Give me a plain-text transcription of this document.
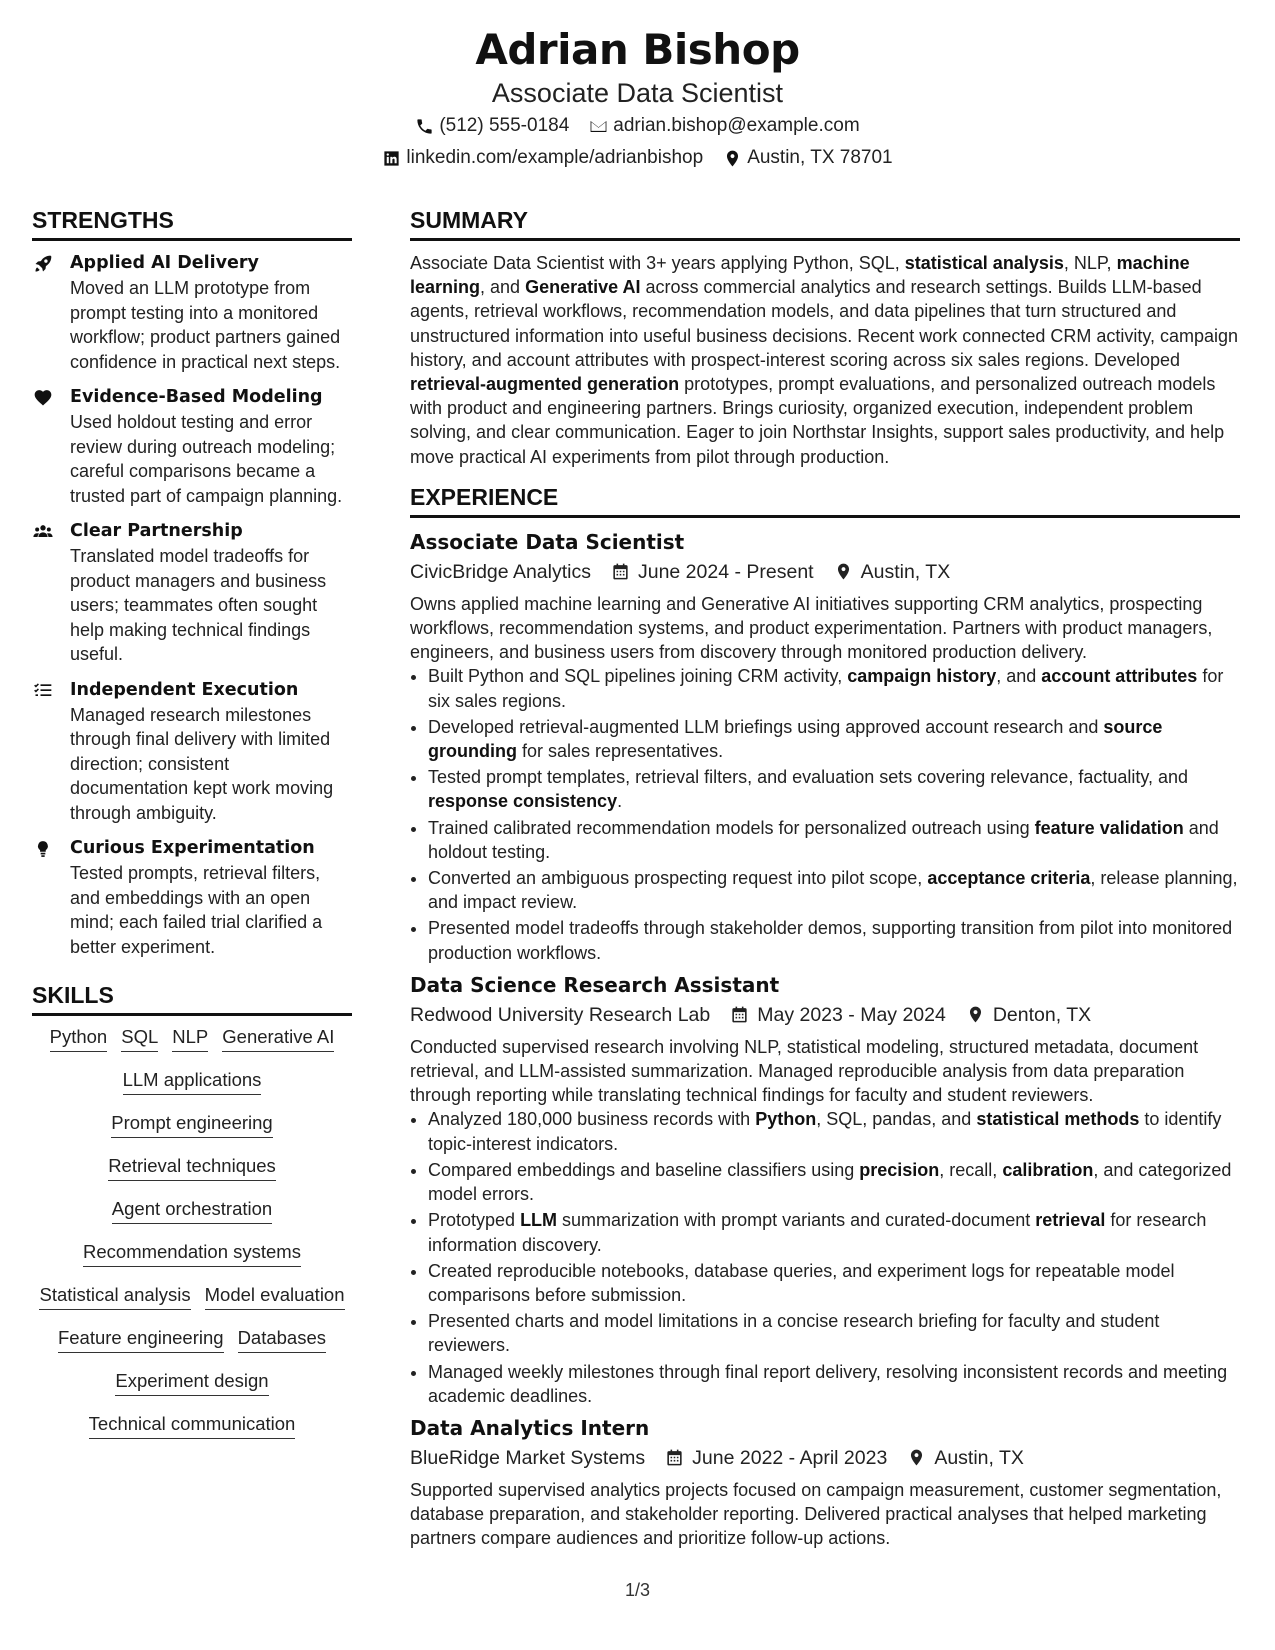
Adrian Bishop
Associate Data Scientist
(512) 555-0184 adrian.bishop@example.com
linkedin.com/example/adrianbishop Austin, TX 78701
STRENGTHS
Applied AI Delivery
Moved an LLM prototype from prompt testing into a monitored workflow; product partners gained confidence in practical next steps.
Evidence-Based Modeling
Used holdout testing and error review during outreach modeling; careful comparisons became a trusted part of campaign planning.
Clear Partnership
Translated model tradeoffs for product managers and business users; teammates often sought help making technical findings useful.
Independent Execution
Managed research milestones through final delivery with limited direction; consistent documentation kept work moving through ambiguity.
Curious Experimentation
Tested prompts, retrieval filters, and embeddings with an open mind; each failed trial clarified a better experiment.
SKILLS
Python SQL NLP Generative AILLM applicationsPrompt engineeringRetrieval techniquesAgent orchestrationRecommendation systemsStatistical analysis Model evaluationFeature engineering DatabasesExperiment designTechnical communication
SUMMARY
Associate Data Scientist with 3+ years applying Python, SQL, statistical analysis, NLP, machine learning, and Generative AI across commercial analytics and research settings. Builds LLM-based agents, retrieval workflows, recommendation models, and data pipelines that turn structured and unstructured information into useful business decisions. Recent work connected CRM activity, campaign history, and account attributes with prospect-interest scoring across six sales regions. Developed retrieval-augmented generation prototypes, prompt evaluations, and personalized outreach models with product and engineering partners. Brings curiosity, organized execution, independent problem solving, and clear communication. Eager to join Northstar Insights, support sales productivity, and help move practical AI experiments from pilot through production.
EXPERIENCE
Associate Data Scientist
CivicBridge Analytics June 2024 - Present Austin, TX
Owns applied machine learning and Generative AI initiatives supporting CRM analytics, prospecting workflows, recommendation systems, and product experimentation. Partners with product managers, engineers, and business users from discovery through monitored production delivery.
• Built Python and SQL pipelines joining CRM activity, campaign history, and account attributes for six sales regions.
• Developed retrieval-augmented LLM briefings using approved account research and source grounding for sales representatives.
• Tested prompt templates, retrieval filters, and evaluation sets covering relevance, factuality, and response consistency.
• Trained calibrated recommendation models for personalized outreach using feature validation and holdout testing.
• Converted an ambiguous prospecting request into pilot scope, acceptance criteria, release planning, and impact review.
• Presented model tradeoffs through stakeholder demos, supporting transition from pilot into monitored production workflows.
Data Science Research Assistant
Redwood University Research Lab May 2023 - May 2024 Denton, TX
Conducted supervised research involving NLP, statistical modeling, structured metadata, document retrieval, and LLM-assisted summarization. Managed reproducible analysis from data preparation through reporting while translating technical findings for faculty and student reviewers.
• Analyzed 180,000 business records with Python, SQL, pandas, and statistical methods to identify topic-interest indicators.
• Compared embeddings and baseline classifiers using precision, recall, calibration, and categorized model errors.
• Prototyped LLM summarization with prompt variants and curated-document retrieval for research information discovery.
• Created reproducible notebooks, database queries, and experiment logs for repeatable model comparisons before submission.
• Presented charts and model limitations in a concise research briefing for faculty and student reviewers.
• Managed weekly milestones through final report delivery, resolving inconsistent records and meeting academic deadlines.
Data Analytics Intern
BlueRidge Market Systems June 2022 - April 2023 Austin, TX
Supported supervised analytics projects focused on campaign measurement, customer segmentation, database preparation, and stakeholder reporting. Delivered practical analyses that helped marketing partners compare audiences and prioritize follow-up actions.
1/3
